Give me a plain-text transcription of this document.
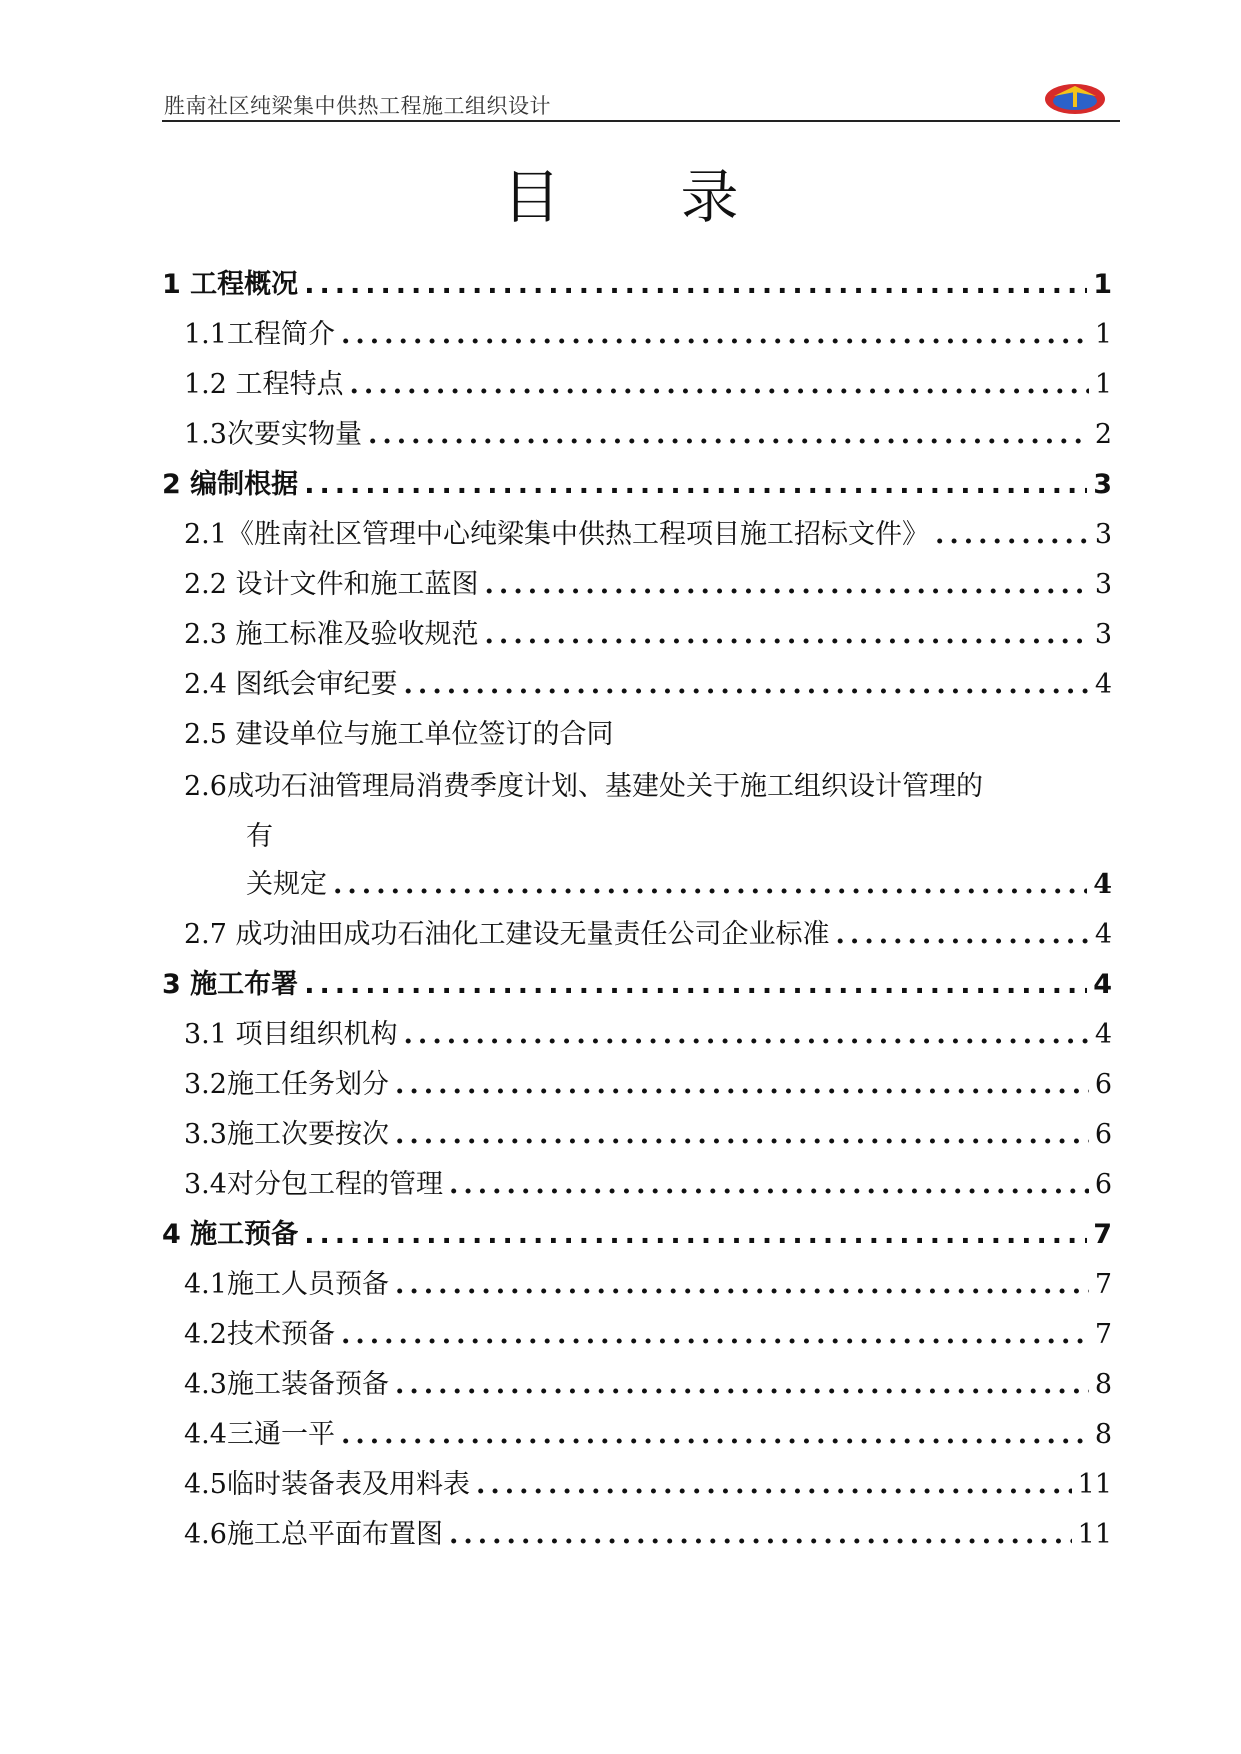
胜南社区纯梁集中供热工程施工组织设计
目录
1 工程概况 .....	1
1.1工程简介 .....	1
1.2 工程特点 .....	1
1.3次要实物量 .....	2
2 编制根据 .....	3
2.1《胜南社区管理中心纯梁集中供热工程项目施工招标文件》 .....	3
2.2 设计文件和施工蓝图 .....	3
2.3 施工标准及验收规范 .....	3
2.4 图纸会审纪要 .....	4
2.5 建设单位与施工单位签订的合同
2.6成功石油管理局消费季度计划、基建处关于施工组织设计管理的
有
关规定 .....	4
2.7 成功油田成功石油化工建设无量责任公司企业标准 .....	4
3 施工布署 .....	4
3.1 项目组织机构 .....	4
3.2施工任务划分 .....	6
3.3施工次要按次 .....	6
3.4对分包工程的管理 .....	6
4 施工预备 .....	7
4.1施工人员预备 .....	7
4.2技术预备 .....	7
4.3施工装备预备 .....	8
4.4三通一平 .....	8
4.5临时装备表及用料表 .....	11
4.6施工总平面布置图 .....	11
